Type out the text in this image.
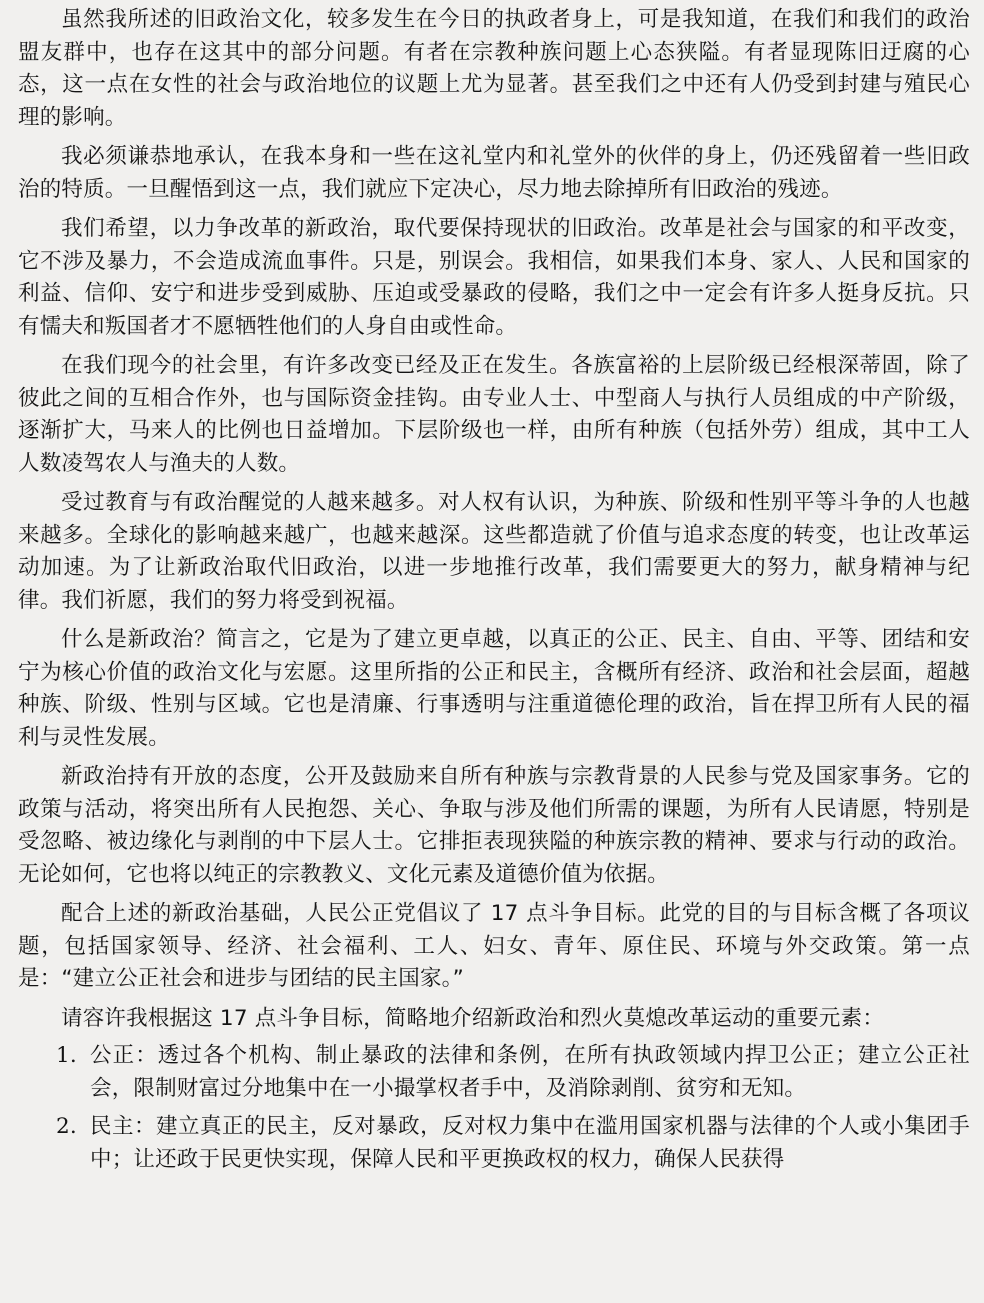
虽然我所述的旧政治文化，较多发生在今日的执政者身上，可是我知道，在我们和我们的政治盟友群中，也存在这其中的部分问题。有者在宗教种族问题上心态狭隘。有者显现陈旧迂腐的心态，这一点在女性的社会与政治地位的议题上尤为显著。甚至我们之中还有人仍受到封建与殖民心理的影响。

我必须谦恭地承认，在我本身和一些在这礼堂内和礼堂外的伙伴的身上，仍还残留着一些旧政治的特质。一旦醒悟到这一点，我们就应下定决心，尽力地去除掉所有旧政治的残迹。

我们希望，以力争改革的新政治，取代要保持现状的旧政治。改革是社会与国家的和平改变，它不涉及暴力，不会造成流血事件。只是，别误会。我相信，如果我们本身、家人、人民和国家的利益、信仰、安宁和进步受到威胁、压迫或受暴政的侵略，我们之中一定会有许多人挺身反抗。只有懦夫和叛国者才不愿牺牲他们的人身自由或性命。

在我们现今的社会里，有许多改变已经及正在发生。各族富裕的上层阶级已经根深蒂固，除了彼此之间的互相合作外，也与国际资金挂钩。由专业人士、中型商人与执行人员组成的中产阶级，逐渐扩大，马来人的比例也日益增加。下层阶级也一样，由所有种族（包括外劳）组成，其中工人人数凌驾农人与渔夫的人数。

受过教育与有政治醒觉的人越来越多。对人权有认识，为种族、阶级和性别平等斗争的人也越来越多。全球化的影响越来越广，也越来越深。这些都造就了价值与追求态度的转变，也让改革运动加速。为了让新政治取代旧政治，以进一步地推行改革，我们需要更大的努力，献身精神与纪律。我们祈愿，我们的努力将受到祝福。

什么是新政治？简言之，它是为了建立更卓越，以真正的公正、民主、自由、平等、团结和安宁为核心价值的政治文化与宏愿。这里所指的公正和民主，含概所有经济、政治和社会层面，超越种族、阶级、性别与区域。它也是清廉、行事透明与注重道德伦理的政治，旨在捍卫所有人民的福利与灵性发展。

新政治持有开放的态度，公开及鼓励来自所有种族与宗教背景的人民参与党及国家事务。它的政策与活动，将突出所有人民抱怨、关心、争取与涉及他们所需的课题，为所有人民请愿，特别是受忽略、被边缘化与剥削的中下层人士。它排拒表现狭隘的种族宗教的精神、要求与行动的政治。无论如何，它也将以纯正的宗教教义、文化元素及道德价值为依据。

配合上述的新政治基础，人民公正党倡议了 17 点斗争目标。此党的目的与目标含概了各项议题，包括国家领导、经济、社会福利、工人、妇女、青年、原住民、环境与外交政策。第一点是：“建立公正社会和进步与团结的民主国家。”

请容许我根据这 17 点斗争目标，简略地介绍新政治和烈火莫熄改革运动的重要元素：

1. 公正：透过各个机构、制止暴政的法律和条例，在所有执政领域内捍卫公正；建立公正社会，限制财富过分地集中在一小撮掌权者手中，及消除剥削、贫穷和无知。
2. 民主：建立真正的民主，反对暴政，反对权力集中在滥用国家机器与法律的个人或小集团手中；让还政于民更快实现，保障人民和平更换政权的权力，确保人民获得
